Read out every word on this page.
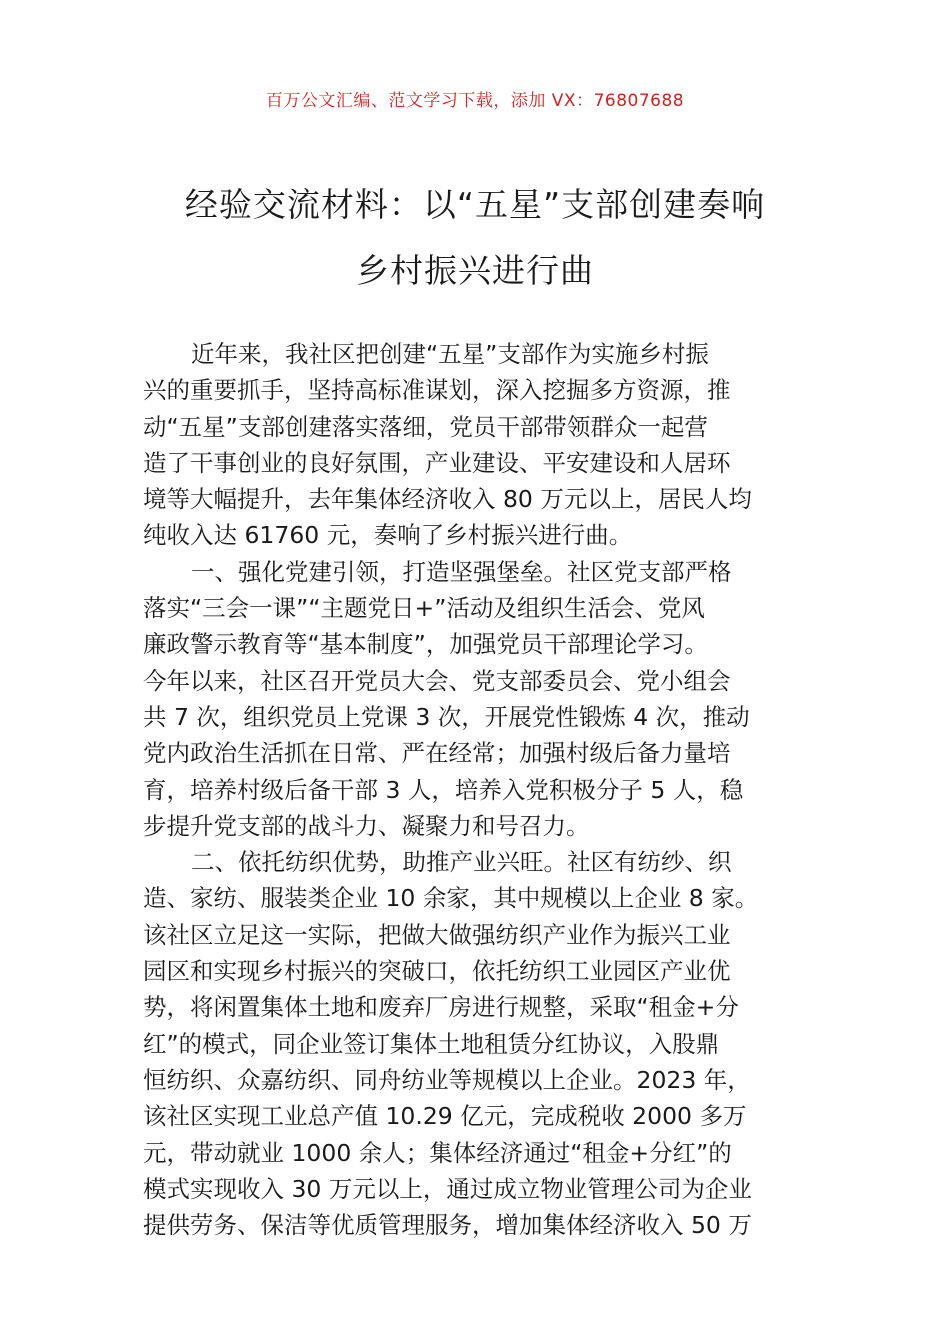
百万公文汇编、范文学习下载，添加 VX：76807688
经验交流材料：以“五星”支部创建奏响
乡村振兴进行曲
近年来，我社区把创建“五星”支部作为实施乡村振
兴的重要抓手，坚持高标准谋划，深入挖掘多方资源，推
动“五星”支部创建落实落细，党员干部带领群众一起营
造了干事创业的良好氛围，产业建设、平安建设和人居环
境等大幅提升，去年集体经济收入 80 万元以上，居民人均
纯收入达 61760 元，奏响了乡村振兴进行曲。
一、强化党建引领，打造坚强堡垒。社区党支部严格
落实“三会一课”“主题党日+”活动及组织生活会、党风
廉政警示教育等“基本制度”，加强党员干部理论学习。
今年以来，社区召开党员大会、党支部委员会、党小组会
共 7 次，组织党员上党课 3 次，开展党性锻炼 4 次，推动
党内政治生活抓在日常、严在经常；加强村级后备力量培
育，培养村级后备干部 3 人，培养入党积极分子 5 人，稳
步提升党支部的战斗力、凝聚力和号召力。
二、依托纺织优势，助推产业兴旺。社区有纺纱、织
造、家纺、服装类企业 10 余家，其中规模以上企业 8 家。
该社区立足这一实际，把做大做强纺织产业作为振兴工业
园区和实现乡村振兴的突破口，依托纺织工业园区产业优
势，将闲置集体土地和废弃厂房进行规整，采取“租金+分
红”的模式，同企业签订集体土地租赁分红协议，入股鼎
恒纺织、众嘉纺织、同舟纺业等规模以上企业。2023 年，
该社区实现工业总产值 10.29 亿元，完成税收 2000 多万
元，带动就业 1000 余人；集体经济通过“租金+分红”的
模式实现收入 30 万元以上，通过成立物业管理公司为企业
提供劳务、保洁等优质管理服务，增加集体经济收入 50 万
